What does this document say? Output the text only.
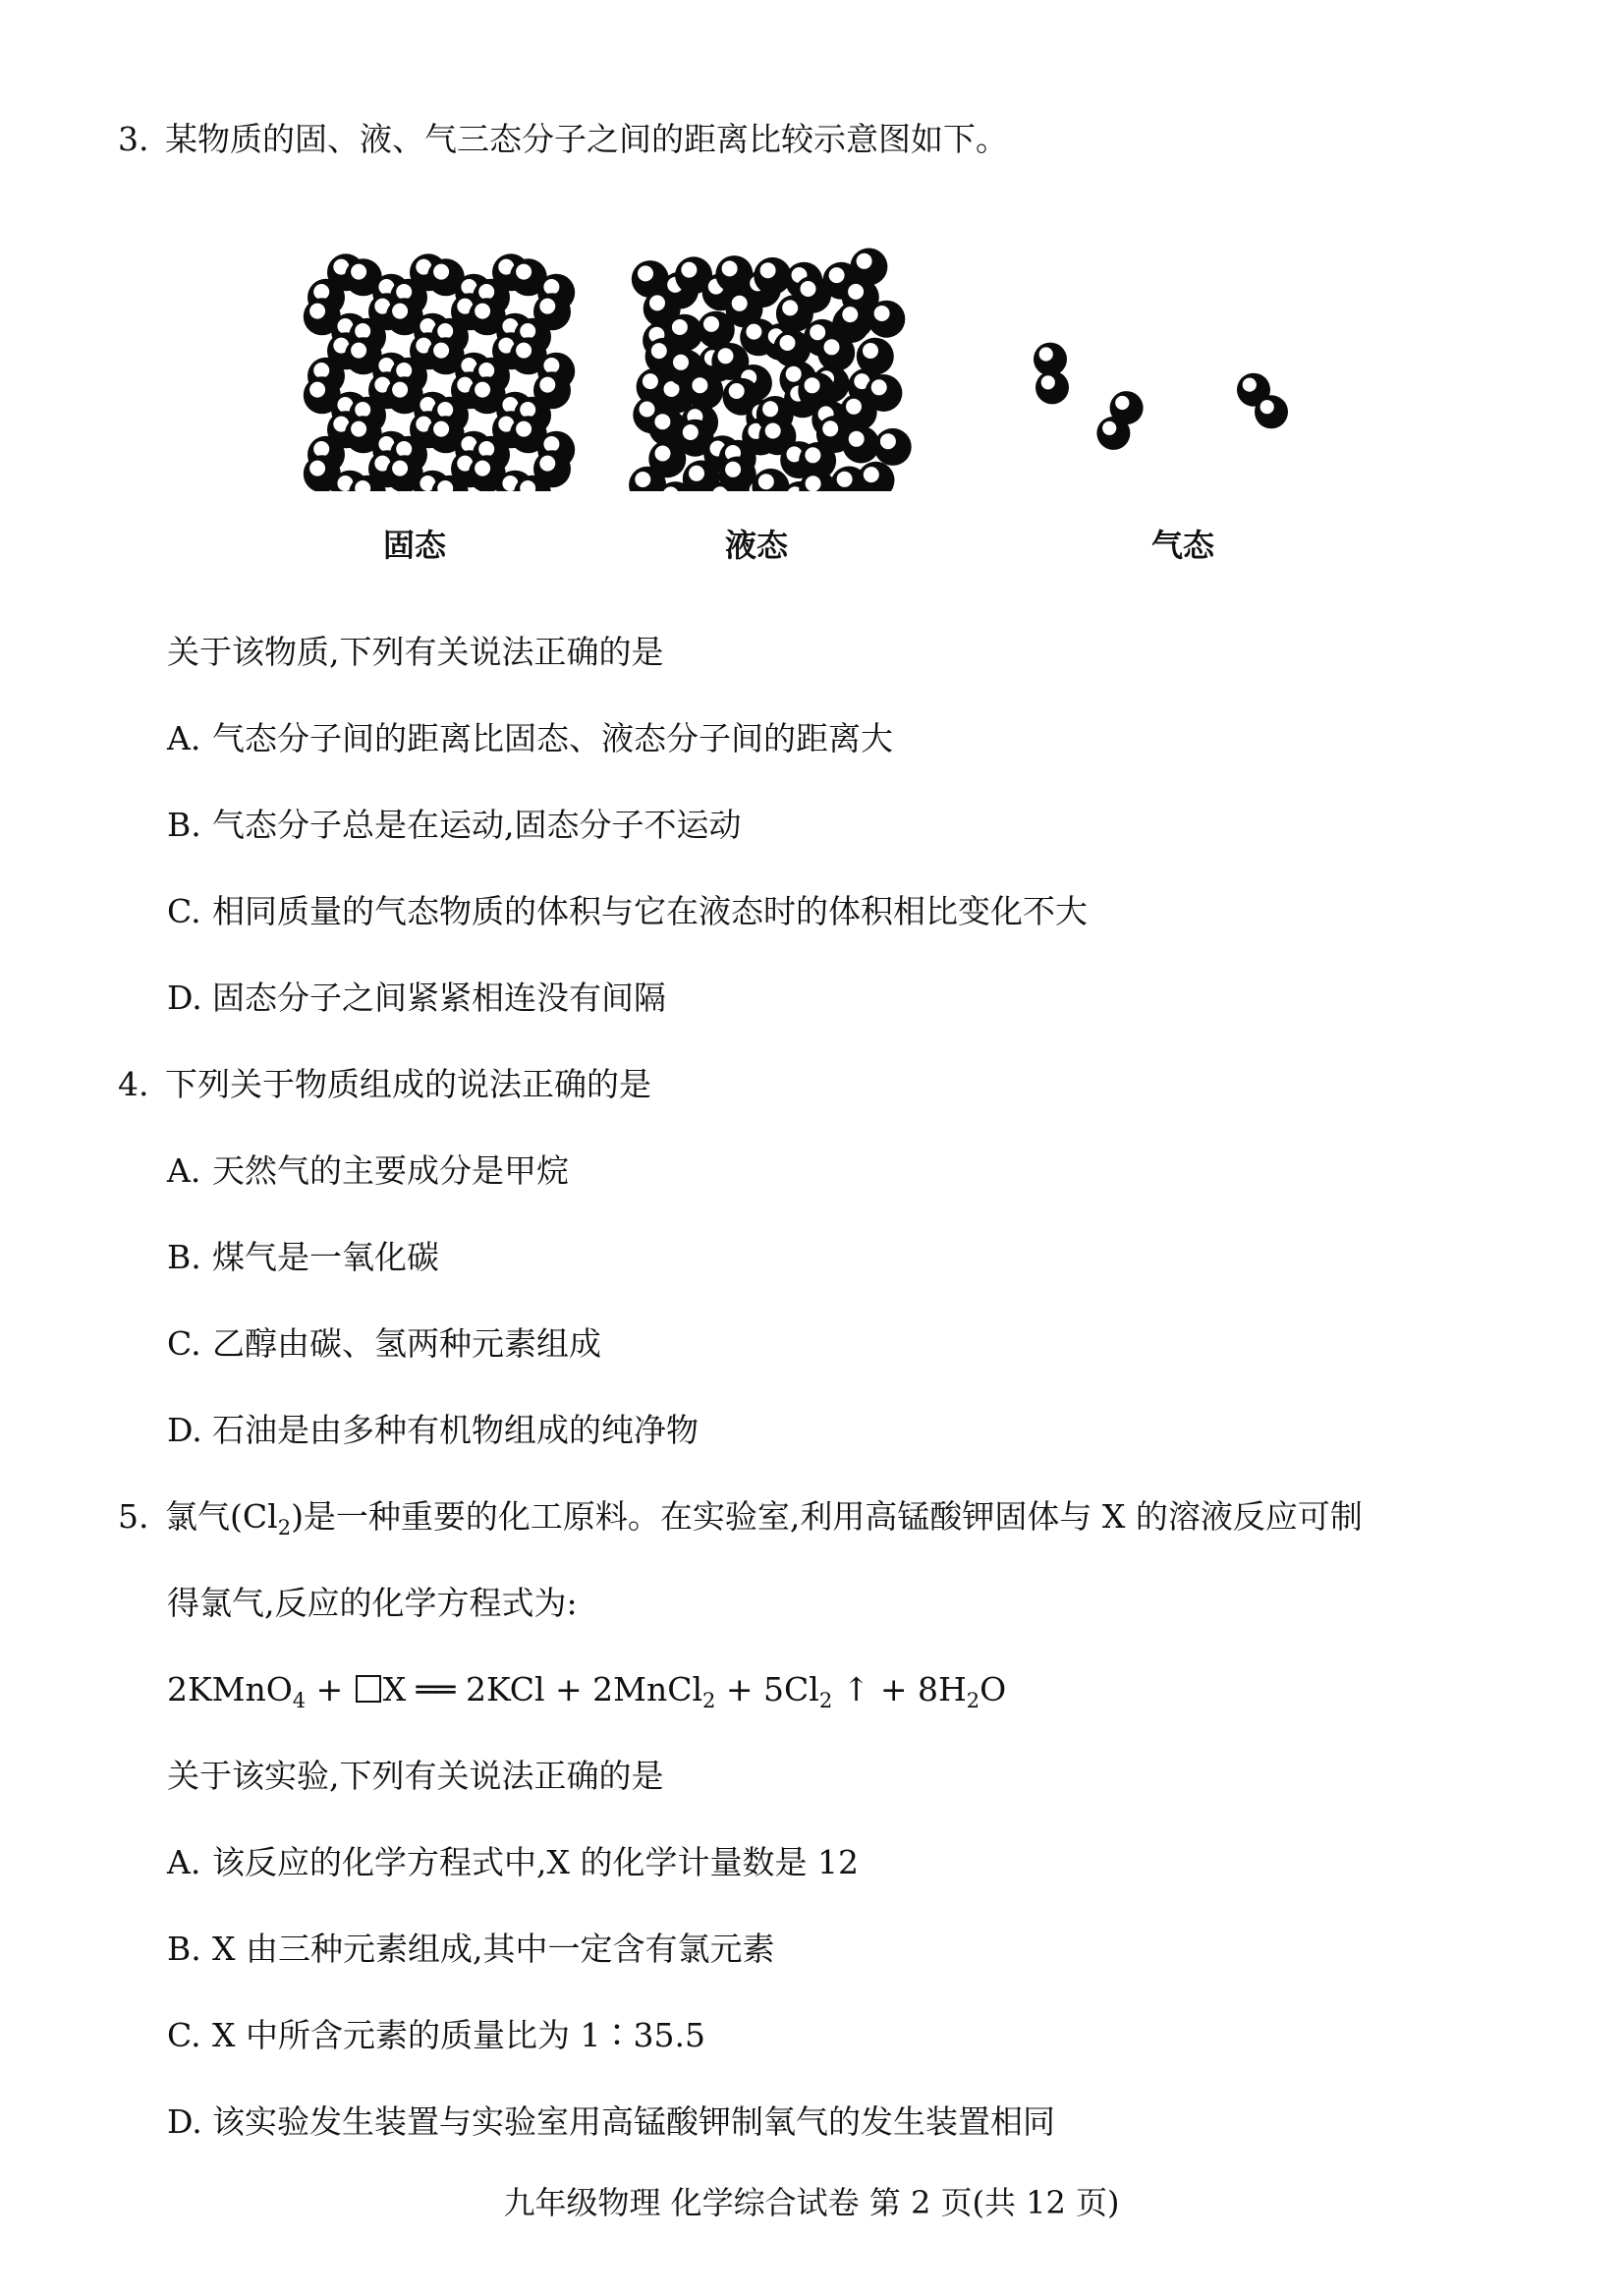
3. 某物质的固、液、气三态分子之间的距离比较示意图如下。
固态	液态	气态
关于该物质,下列有关说法正确的是
A. 气态分子间的距离比固态、液态分子间的距离大
B. 气态分子总是在运动,固态分子不运动
C. 相同质量的气态物质的体积与它在液态时的体积相比变化不大
D. 固态分子之间紧紧相连没有间隔
4. 下列关于物质组成的说法正确的是
A. 天然气的主要成分是甲烷
B. 煤气是一氧化碳
C. 乙醇由碳、氢两种元素组成
D. 石油是由多种有机物组成的纯净物
5. 氯气$(Cl_2)$是一种重要的化工原料。在实验室,利用高锰酸钾固体与 X 的溶液反应可制
得氯气,反应的化学方程式为:
2KMnO$_4$ + X ══ 2KCl + 2MnCl$_2$ + $5Cl_2$ ↑ + $8H_2O$
关于该实验,下列有关说法正确的是
A. 该反应的化学方程式中,X 的化学计量数是 12
B. X 由三种元素组成,其中一定含有氯元素
C. X 中所含元素的质量比为 1∶35.5
D. 该实验发生装置与实验室用高锰酸钾制氧气的发生装置相同
九年级物理 化学综合试卷 第 2 页(共 12 页)
